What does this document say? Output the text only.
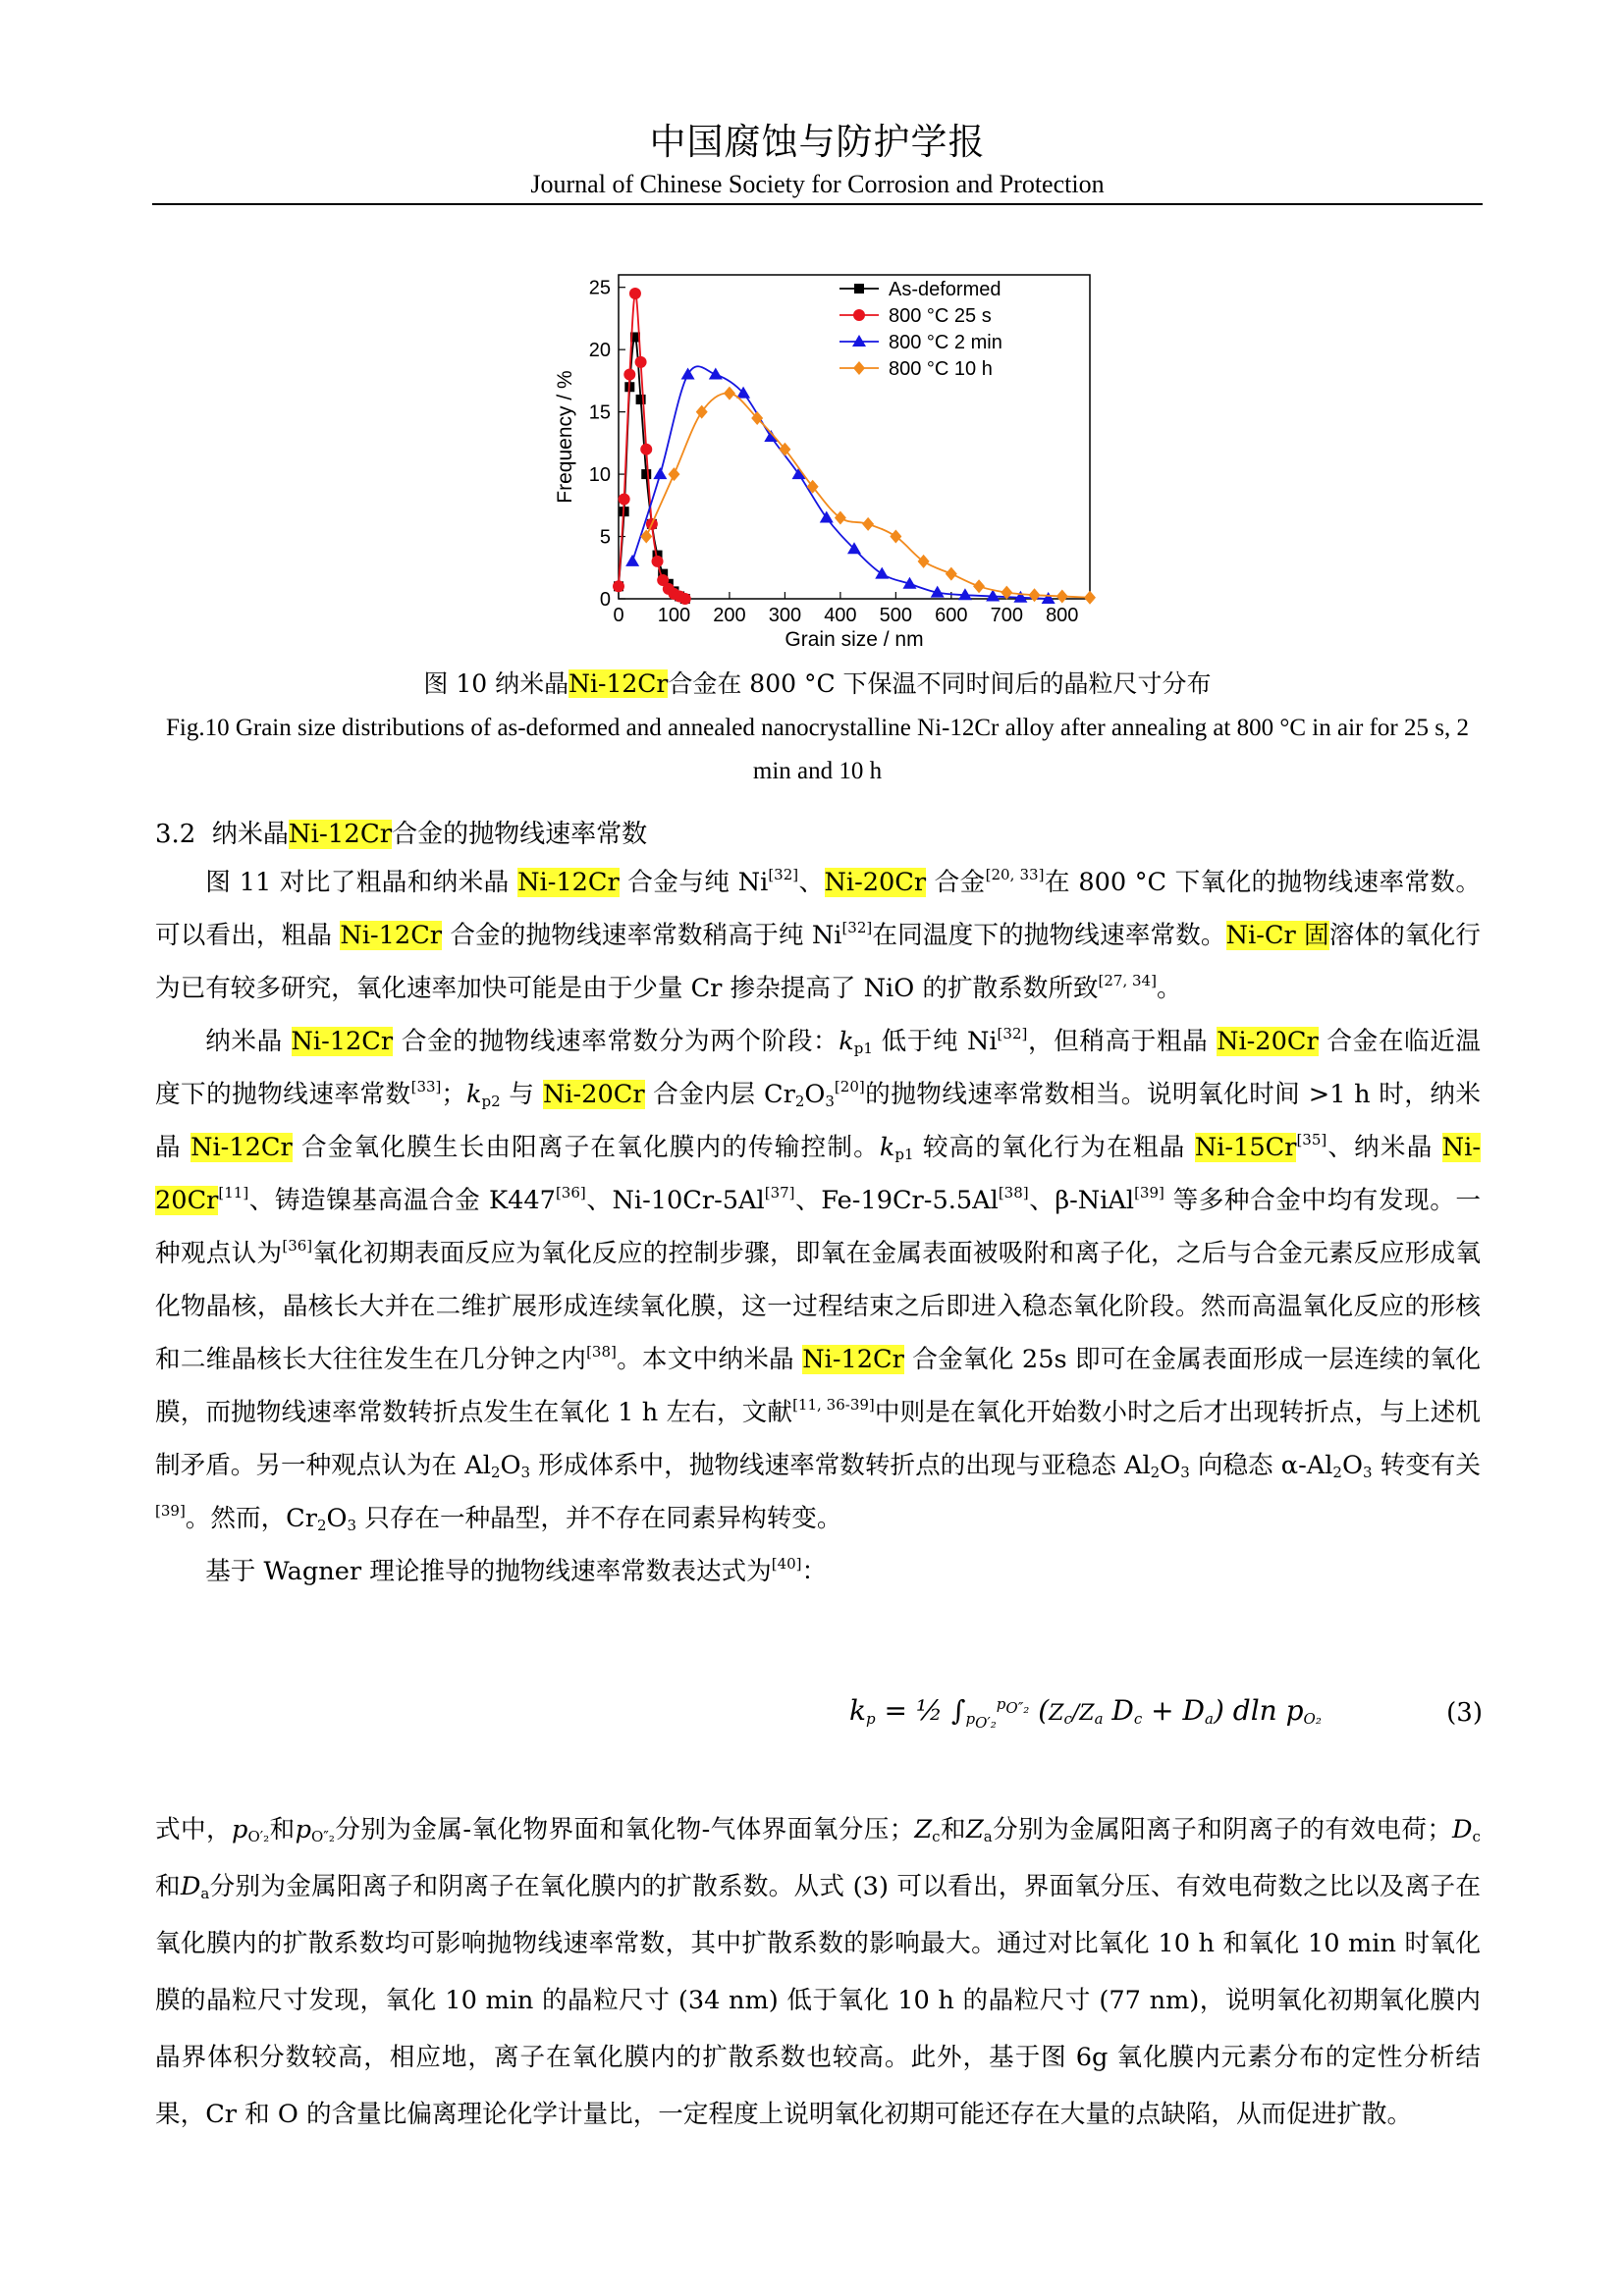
中国腐蚀与防护学报
Journal of Chinese Society for Corrosion and Protection
0 100 200 300 400 500 600 700 800
0
5
10
15
20
25
Grain size / nm
Frequency / %
As-deformed
800 °C 25 s
800 °C 2 min
800 °C 10 h
图 10 纳米晶Ni-12Cr合金在 800 °C 下保温不同时间后的晶粒尺寸分布
Fig.10 Grain size distributions of as-deformed and annealed nanocrystalline Ni-12Cr alloy after annealing at 800 °C in air for 25 s, 2 min and 10 h
3.2 纳米晶Ni-12Cr合金的抛物线速率常数

图 11 对比了粗晶和纳米晶 Ni-12Cr 合金与纯 Ni[32]、Ni-20Cr 合金[20, 33]在 800 °C 下氧化的抛物线速率常数。可以看出，粗晶 Ni-12Cr 合金的抛物线速率常数稍高于纯 Ni[32]在同温度下的抛物线速率常数。Ni-Cr 固溶体的氧化行为已有较多研究，氧化速率加快可能是由于少量 Cr 掺杂提高了 NiO 的扩散系数所致[27, 34]。

纳米晶 Ni-12Cr 合金的抛物线速率常数分为两个阶段：$k_{p1}$ 低于纯 Ni[32]，但稍高于粗晶 Ni-20Cr 合金在临近温度下的抛物线速率常数[33]；$k_{p2}$ 与 Ni-20Cr 合金内层 $Cr_2O_3[20]$的抛物线速率常数相当。说明氧化时间 >1 h 时，纳米晶 Ni-12Cr 合金氧化膜生长由阳离子在氧化膜内的传输控制。$k_{p1}$ 较高的氧化行为在粗晶 Ni-15Cr[35]、纳米晶 Ni-20Cr[11]、铸造镍基高温合金 K447[36]、Ni-10Cr-5Al[37]、Fe-19Cr-5.5Al[38]、β-NiAl[39] 等多种合金中均有发现。一种观点认为[36]氧化初期表面反应为氧化反应的控制步骤，即氧在金属表面被吸附和离子化，之后与合金元素反应形成氧化物晶核，晶核长大并在二维扩展形成连续氧化膜，这一过程结束之后即进入稳态氧化阶段。然而高温氧化反应的形核和二维晶核长大往往发生在几分钟之内[38]。本文中纳米晶 Ni-12Cr 合金氧化 25s 即可在金属表面形成一层连续的氧化膜，而抛物线速率常数转折点发生在氧化 1 h 左右，文献[11, 36-39]中则是在氧化开始数小时之后才出现转折点，与上述机制矛盾。另一种观点认为在 $Al_2O_3$ 形成体系中，抛物线速率常数转折点的出现与亚稳态 $Al_2O_3$ 向稳态 $\alpha-Al_2O_3$ 转变有关[39]。然而，$Cr_2O_3$ 只存在一种晶型，并不存在同素异构转变。

基于 Wagner 理论推导的抛物线速率常数表达式为[40]：

$k_p$ = ½ $\int_{p_{O'_2}}^{p_{O''_2}}$ ($Z_c/Z_a$ $D_c + D_a$) dln $p_{O_2}$	(3)

式中，$p_{O'_2}$和$p_{O''_2}$分别为金属-氧化物界面和氧化物-气体界面氧分压；$Z_c$和$Z_a$分别为金属阳离子和阴离子的有效电荷；$D_c$和$D_a$分别为金属阳离子和阴离子在氧化膜内的扩散系数。从式 (3) 可以看出，界面氧分压、有效电荷数之比以及离子在氧化膜内的扩散系数均可影响抛物线速率常数，其中扩散系数的影响最大。通过对比氧化 10 h 和氧化 10 min 时氧化膜的晶粒尺寸发现，氧化 10 min 的晶粒尺寸 (34 nm) 低于氧化 10 h 的晶粒尺寸 (77 nm)，说明氧化初期氧化膜内晶界体积分数较高，相应地，离子在氧化膜内的扩散系数也较高。此外，基于图 6g 氧化膜内元素分布的定性分析结果，Cr 和 O 的含量比偏离理论化学计量比，一定程度上说明氧化初期可能还存在大量的点缺陷，从而促进扩散。
